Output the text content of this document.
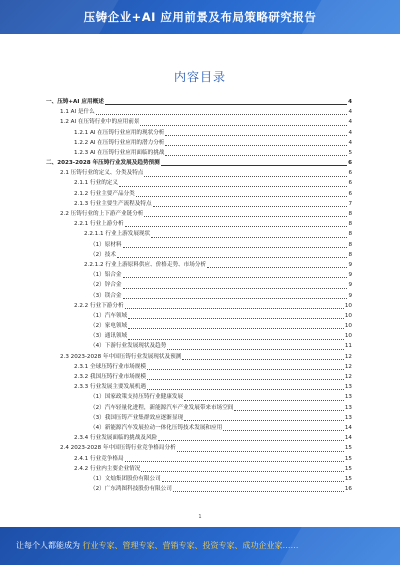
压铸企业+AI 应用前景及布局策略研究报告
内容目录
一、压铸+AI 应用概述	4
1.1 AI 是什么	4
1.2 AI 在压铸行业中的应用前景	4
1.2.1 AI 在压铸行业应用的现状分析	4
1.2.2 AI 在压铸行业应用的潜力分析	4
1.2.3 AI 在压铸行业应用面临的挑战	5
二、2023-2028 年压铸行业发展及趋势预测	6
2.1 压铸行业的定义、分类及特点	6
2.1.1 行业的定义	6
2.1.2 行业主要产品分类	6
2.1.3 行业主要生产流程及特点	7
2.2 压铸行业的上下游产业链分析	8
2.2.1 行业上游分析	8
2.2.1.1 行业上游发展现状	8
（1）原材料	8
（2）技术	8
2.2.1.2 行业上游原料供应、价格走势、市场分析	9
（1）铝合金	9
（2）锌合金	9
（3）镁合金	9
2.2.2 行业下游分析	10
（1）汽车领域	10
（2）家电领域	10
（3）通讯领域	10
（4）下游行业发展现状及趋势	11
2.3 2023-2028 年中国压铸行业发展现状及预测	12
2.3.1 全球压铸行业市场规模	12
2.3.2 我国压铸行业市场规模	12
2.3.3 行业发展主要发展机遇	13
（1）国家政策支持压铸行业健康发展	13
（2）汽车轻量化进程，新能源汽车产业发展带来市场空间	13
（3）我国压铸产业集群效应逐渐显现	13
（4）新能源汽车发展拉动一体化压铸技术发展和应用	14
2.3.4 行业发展面临的挑战及风险	14
2.4 2023-2028 年中国压铸行业竞争格局分析	15
2.4.1 行业竞争格局	15
2.4.2 行业内主要企业情况	15
（1）文灿集团股份有限公司	15
（2）广东鸿图科技股份有限公司	16
1
让每个人都能成为 行业专家、管理专家、营销专家、投资专家、成功企业家……
